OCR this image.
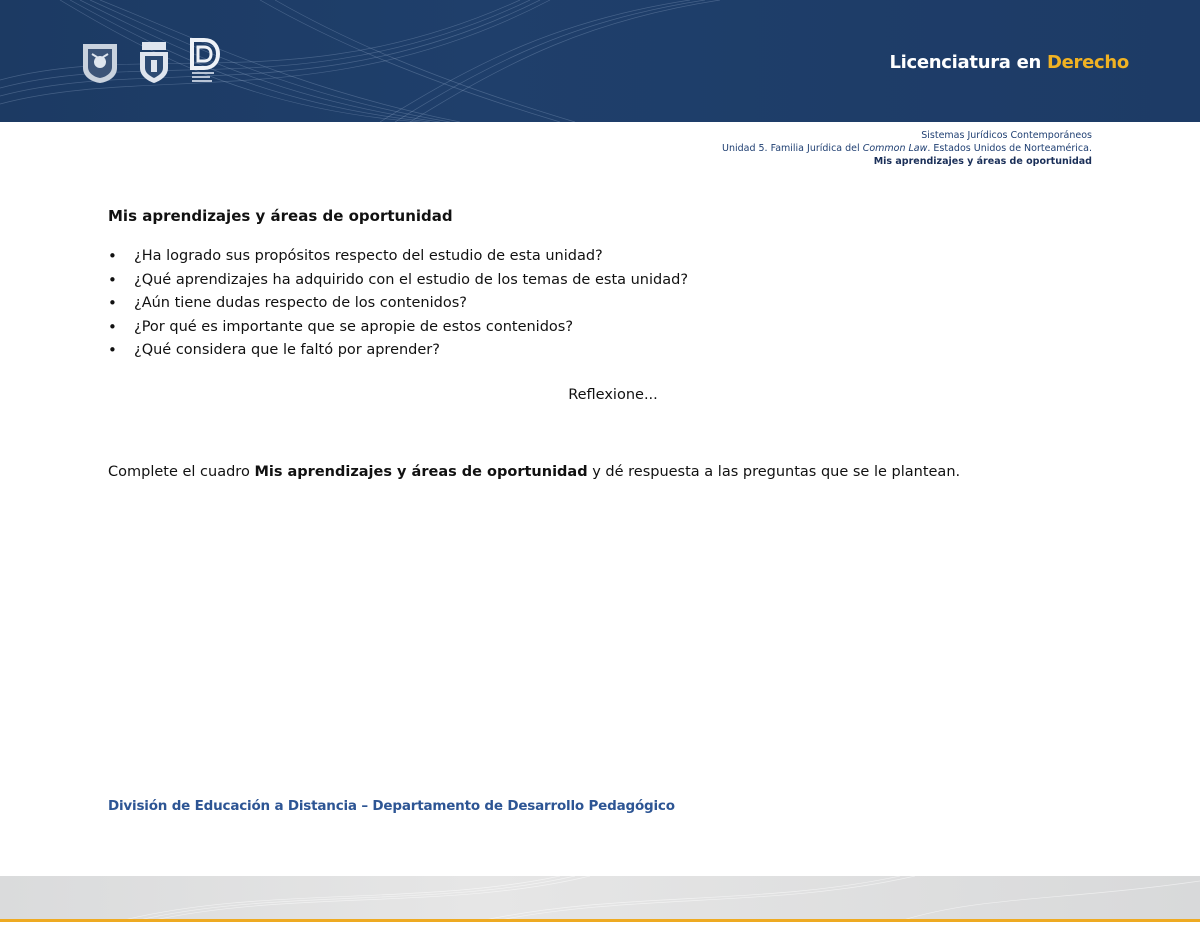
Licenciatura en Derecho
Sistemas Jurídicos Contemporáneos
Unidad 5. Familia Jurídica del Common Law. Estados Unidos de Norteamérica.
Mis aprendizajes y áreas de oportunidad
Mis aprendizajes y áreas de oportunidad
• ¿Ha logrado sus propósitos respecto del estudio de esta unidad?
• ¿Qué aprendizajes ha adquirido con el estudio de los temas de esta unidad?
• ¿Aún tiene dudas respecto de los contenidos?
• ¿Por qué es importante que se apropie de estos contenidos?
• ¿Qué considera que le faltó por aprender?
Reflexione...
Complete el cuadro Mis aprendizajes y áreas de oportunidad y dé respuesta a las preguntas que se le plantean.
División de Educación a Distancia – Departamento de Desarrollo Pedagógico
